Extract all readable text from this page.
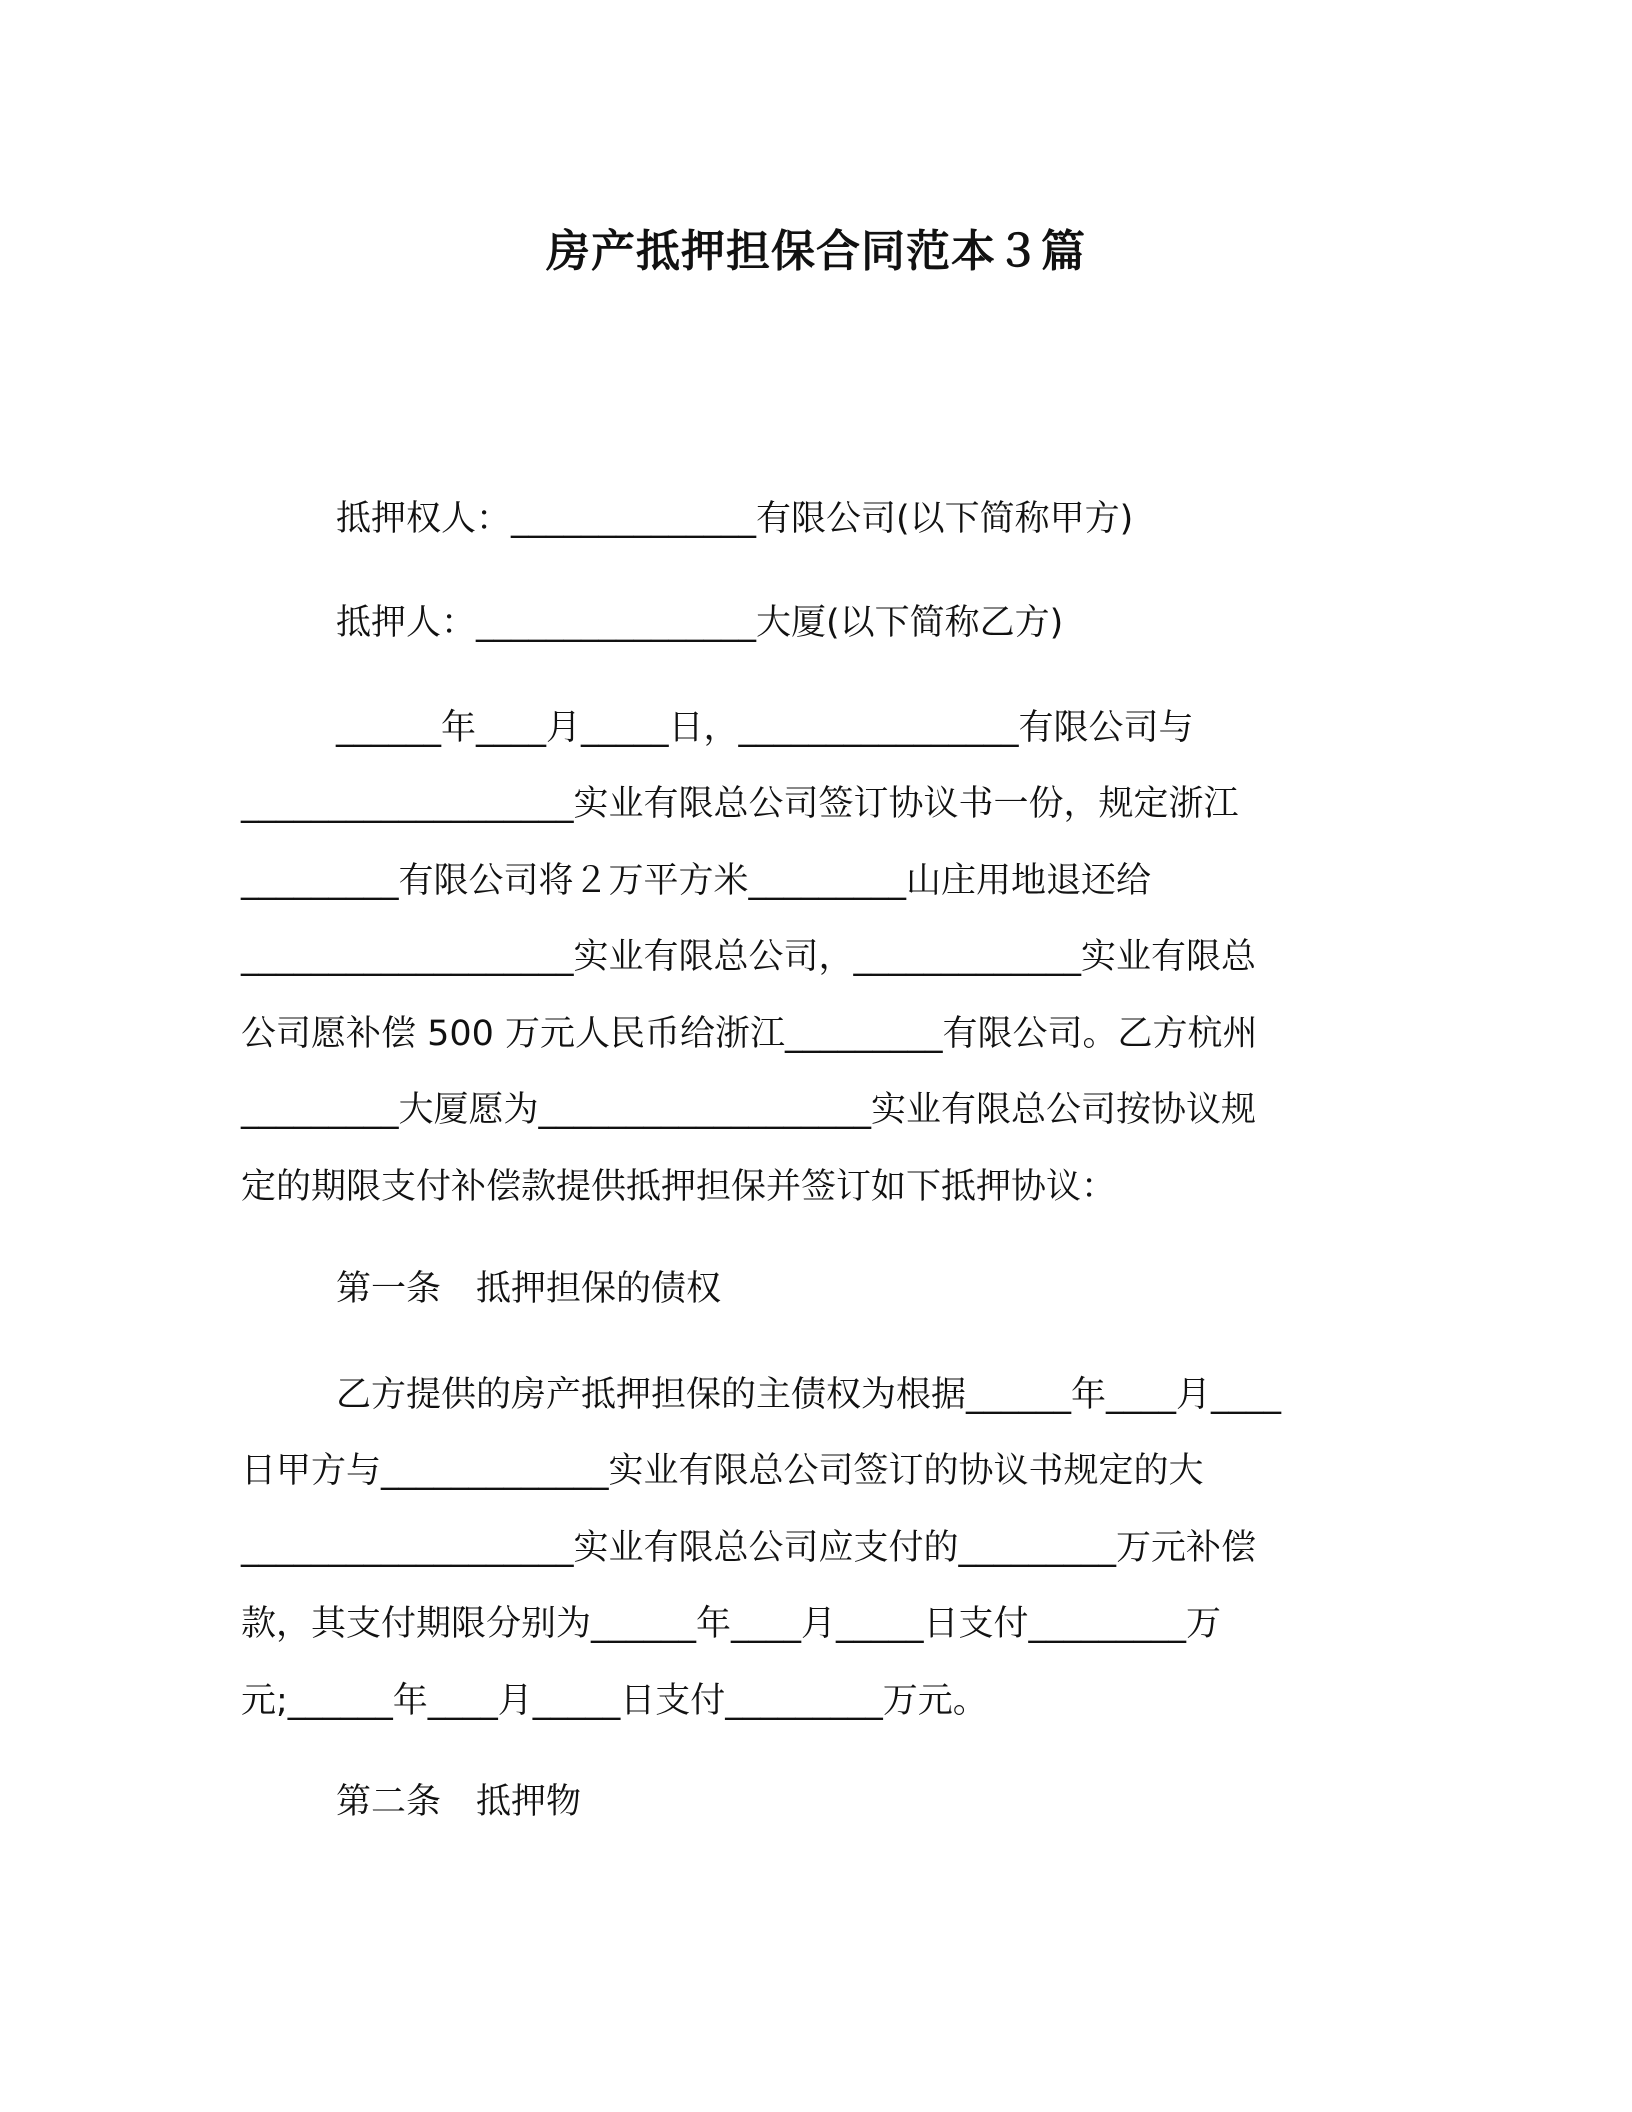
房产抵押担保合同范本３篇
抵押权人：______________有限公司(以下简称甲方)
抵押人：________________大厦(以下简称乙方)
______年____月_____日，________________有限公司与
___________________实业有限总公司签订协议书一份，规定浙江
_________有限公司将２万平方米_________山庄用地退还给
___________________实业有限总公司，_____________实业有限总
公司愿补偿 500 万元人民币给浙江_________有限公司。乙方杭州
_________大厦愿为___________________实业有限总公司按协议规
定的期限支付补偿款提供抵押担保并签订如下抵押协议：
第一条　抵押担保的债权
乙方提供的房产抵押担保的主债权为根据______年____月____
日甲方与_____________实业有限总公司签订的协议书规定的大
___________________实业有限总公司应支付的_________万元补偿
款，其支付期限分别为______年____月_____日支付_________万
元;______年____月_____日支付_________万元。
第二条　抵押物
